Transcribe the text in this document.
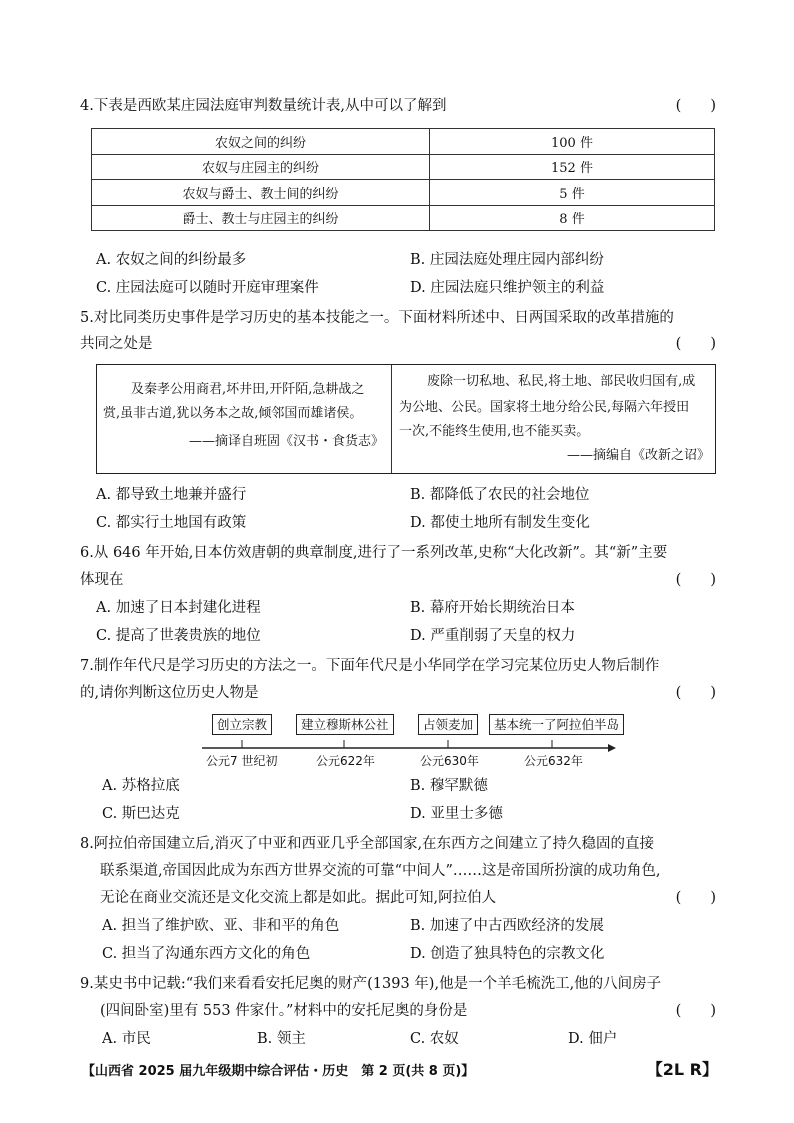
4.下表是西欧某庄园法庭审判数量统计表,从中可以了解到	(　　)
农奴之间的纠纷	100 件
农奴与庄园主的纠纷	152 件
农奴与爵士、教士间的纠纷	5 件
爵士、教士与庄园主的纠纷	8 件
A. 农奴之间的纠纷最多	B. 庄园法庭处理庄园内部纠纷
C. 庄园法庭可以随时开庭审理案件	D. 庄园法庭只维护领主的利益
5.对比同类历史事件是学习历史的基本技能之一。下面材料所述中、日两国采取的改革措施的
共同之处是	(　　)
及秦孝公用商君,坏井田,开阡陌,急耕战之
赏,虽非古道,犹以务本之故,倾邻国而雄诸侯。
——摘译自班固《汉书・食货志》
废除一切私地、私民,将土地、部民收归国有,成
为公地、公民。国家将土地分给公民,每隔六年授田
一次,不能终生使用,也不能买卖。
——摘编自《改新之诏》
A. 都导致土地兼并盛行	B. 都降低了农民的社会地位
C. 都实行土地国有政策	D. 都使土地所有制发生变化
6.从 646 年开始,日本仿效唐朝的典章制度,进行了一系列改革,史称“大化改新”。其“新”主要
体现在	(　　)
A. 加速了日本封建化进程	B. 幕府开始长期统治日本
C. 提高了世袭贵族的地位	D. 严重削弱了天皇的权力
7.制作年代尺是学习历史的方法之一。下面年代尺是小华同学在学习完某位历史人物后制作
的,请你判断这位历史人物是	(　　)
创立宗教	建立穆斯林公社	占领麦加	基本统一了阿拉伯半岛
公元7 世纪初	公元622年	公元630年	公元632年
A. 苏格拉底	B. 穆罕默德
C. 斯巴达克	D. 亚里士多德
8.阿拉伯帝国建立后,消灭了中亚和西亚几乎全部国家,在东西方之间建立了持久稳固的直接
联系渠道,帝国因此成为东西方世界交流的可靠“中间人”……这是帝国所扮演的成功角色,
无论在商业交流还是文化交流上都是如此。据此可知,阿拉伯人	(　　)
A. 担当了维护欧、亚、非和平的角色	B. 加速了中古西欧经济的发展
C. 担当了沟通东西方文化的角色	D. 创造了独具特色的宗教文化
9.某史书中记载:“我们来看看安托尼奥的财产(1393 年),他是一个羊毛梳洗工,他的八间房子
(四间卧室)里有 553 件家什。”材料中的安托尼奥的身份是	(　　)
A. 市民	B. 领主	C. 农奴	D. 佃户
【山西省 2025 届九年级期中综合评估・历史　第 2 页(共 8 页)】	【2L R】
